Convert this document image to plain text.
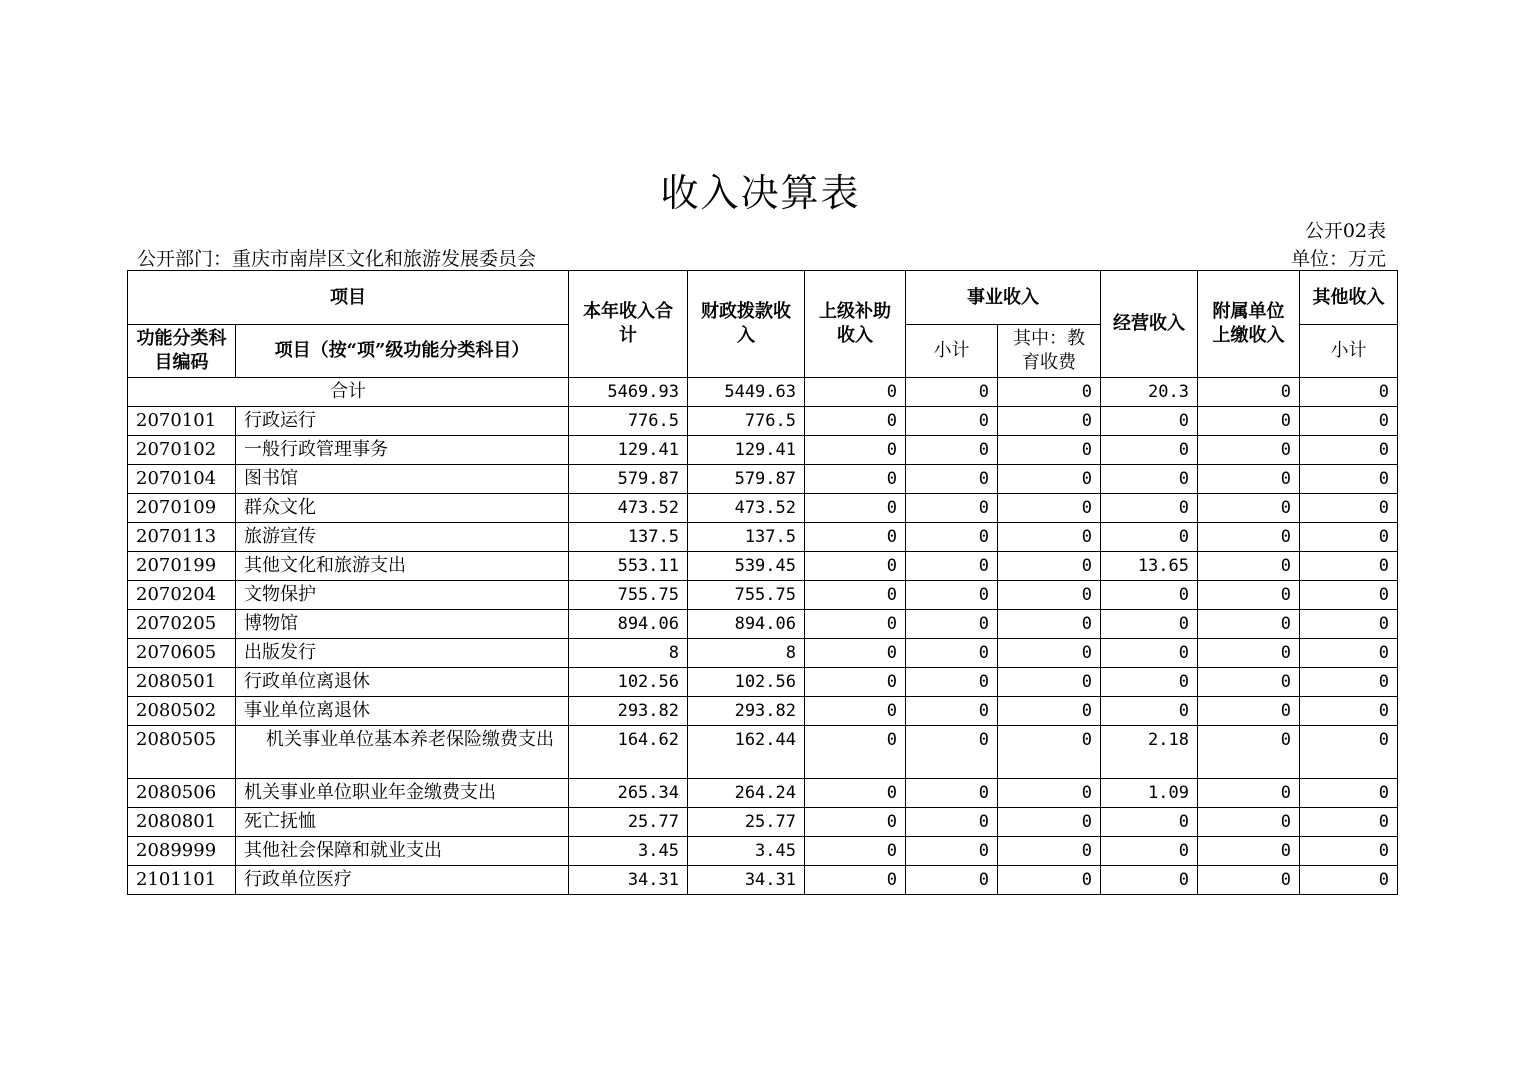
收入决算表
公开02表
公开部门：重庆市南岸区文化和旅游发展委员会	单位：万元
项目		本年收入合计	财政拨款收入	上级补助收入	事业收入		经营收入	附属单位上缴收入	其他收入
功能分类科目编码	项目（按“项”级功能分类科目）				小计	其中：教育收费			小计
合计		5469.93	5449.63	0	0	0	20.3	0	0
2070101	行政运行	776.5	776.5	0	0	0	0	0	0
2070102	一般行政管理事务	129.41	129.41	0	0	0	0	0	0
2070104	图书馆	579.87	579.87	0	0	0	0	0	0
2070109	群众文化	473.52	473.52	0	0	0	0	0	0
2070113	旅游宣传	137.5	137.5	0	0	0	0	0	0
2070199	其他文化和旅游支出	553.11	539.45	0	0	0	13.65	0	0
2070204	文物保护	755.75	755.75	0	0	0	0	0	0
2070205	博物馆	894.06	894.06	0	0	0	0	0	0
2070605	出版发行	8	8	0	0	0	0	0	0
2080501	行政单位离退休	102.56	102.56	0	0	0	0	0	0
2080502	事业单位离退休	293.82	293.82	0	0	0	0	0	0
2080505	机关事业单位基本养老保险缴费支出	164.62	162.44	0	0	0	2.18	0	0
2080506	机关事业单位职业年金缴费支出	265.34	264.24	0	0	0	1.09	0	0
2080801	死亡抚恤	25.77	25.77	0	0	0	0	0	0
2089999	其他社会保障和就业支出	3.45	3.45	0	0	0	0	0	0
2101101	行政单位医疗	34.31	34.31	0	0	0	0	0	0
